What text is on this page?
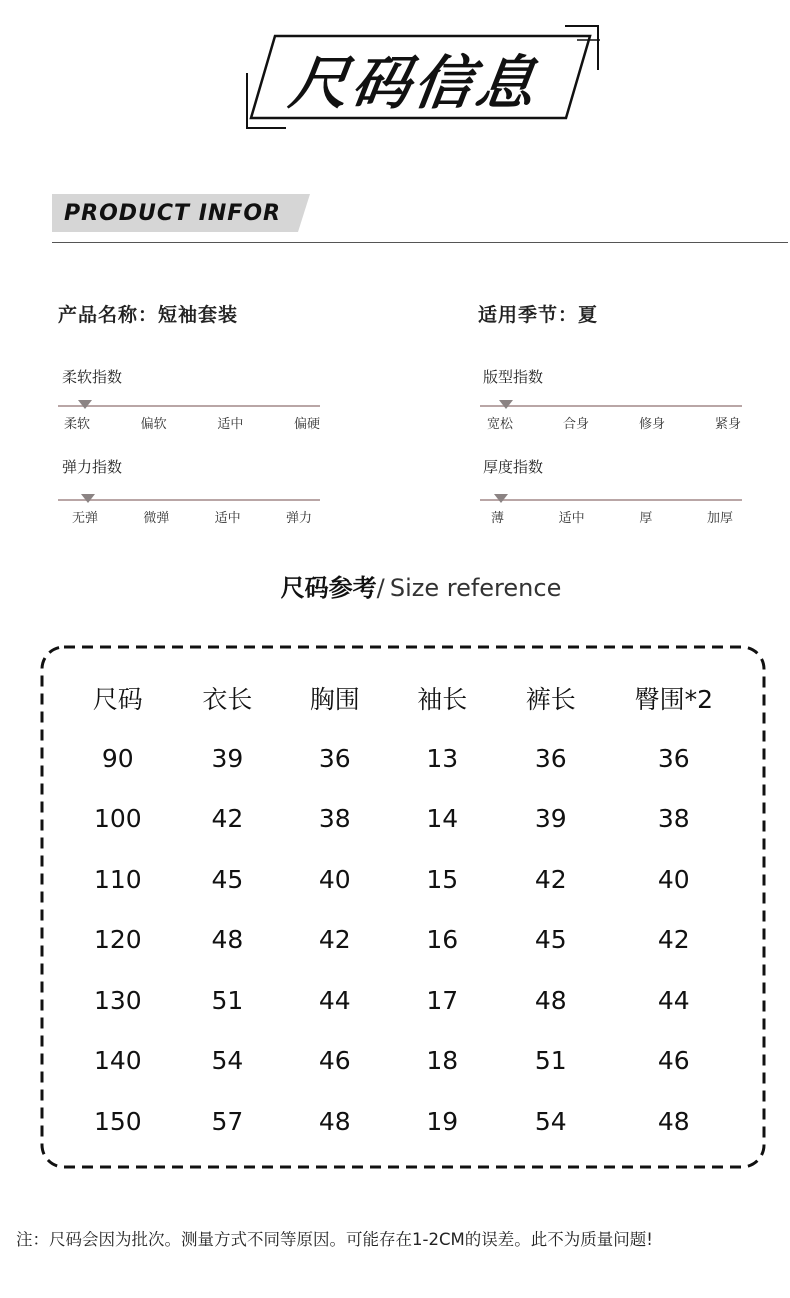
尺码信息
PRODUCT INFOR
产品名称：短袖套装	适用季节：夏
柔软指数
柔软	偏软	适中	偏硬
版型指数
宽松	合身	修身	紧身
弹力指数
无弹	微弹	适中	弹力
厚度指数
薄	适中	厚	加厚
尺码参考/ Size reference
尺码	衣长	胸围	袖长	裤长	臀围*2
90	39	36	13	36	36
100	42	38	14	39	38
110	45	40	15	42	40
120	48	42	16	45	42
130	51	44	17	48	44
140	54	46	18	51	46
150	57	48	19	54	48
注：尺码会因为批次。测量方式不同等原因。可能存在1-2CM的误差。此不为质量问题!
